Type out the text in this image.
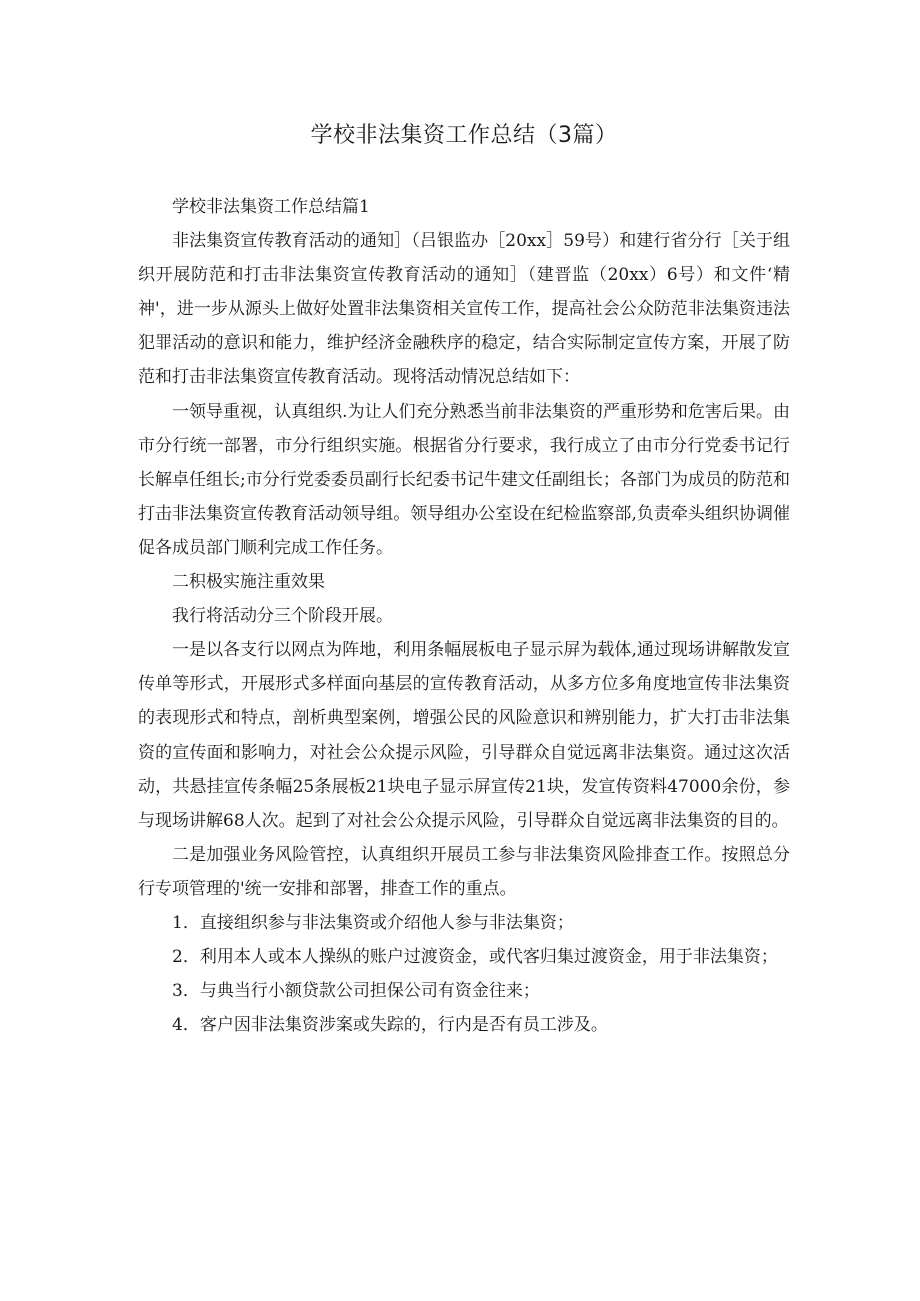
学校非法集资工作总结（3篇）

学校非法集资工作总结篇1

非法集资宣传教育活动的通知］（吕银监办［20xx］59号）和建行省分行［关于组织开展防范和打击非法集资宣传教育活动的通知］（建晋监（20xx）6号）和文件‘精神'，进一步从源头上做好处置非法集资相关宣传工作，提高社会公众防范非法集资违法犯罪活动的意识和能力，维护经济金融秩序的稳定，结合实际制定宣传方案，开展了防范和打击非法集资宣传教育活动。现将活动情况总结如下：

一领导重视，认真组织.为让人们充分熟悉当前非法集资的严重形势和危害后果。由市分行统一部署，市分行组织实施。根据省分行要求，我行成立了由市分行党委书记行长解卓任组长;市分行党委委员副行长纪委书记牛建文任副组长；各部门为成员的防范和打击非法集资宣传教育活动领导组。领导组办公室设在纪检监察部,负责牵头组织协调催促各成员部门顺利完成工作任务。

二积极实施注重效果

我行将活动分三个阶段开展。

一是以各支行以网点为阵地，利用条幅展板电子显示屏为载体,通过现场讲解散发宣传单等形式，开展形式多样面向基层的宣传教育活动，从多方位多角度地宣传非法集资的表现形式和特点，剖析典型案例，增强公民的风险意识和辨别能力，扩大打击非法集资的宣传面和影响力，对社会公众提示风险，引导群众自觉远离非法集资。通过这次活动，共悬挂宣传条幅25条展板21块电子显示屏宣传21块，发宣传资料47000余份，参与现场讲解68人次。起到了对社会公众提示风险，引导群众自觉远离非法集资的目的。

二是加强业务风险管控，认真组织开展员工参与非法集资风险排查工作。按照总分行专项管理的'统一安排和部署，排查工作的重点。

1．直接组织参与非法集资或介绍他人参与非法集资；

2．利用本人或本人操纵的账户过渡资金，或代客归集过渡资金，用于非法集资；

3．与典当行小额贷款公司担保公司有资金往来；

4．客户因非法集资涉案或失踪的，行内是否有员工涉及。
